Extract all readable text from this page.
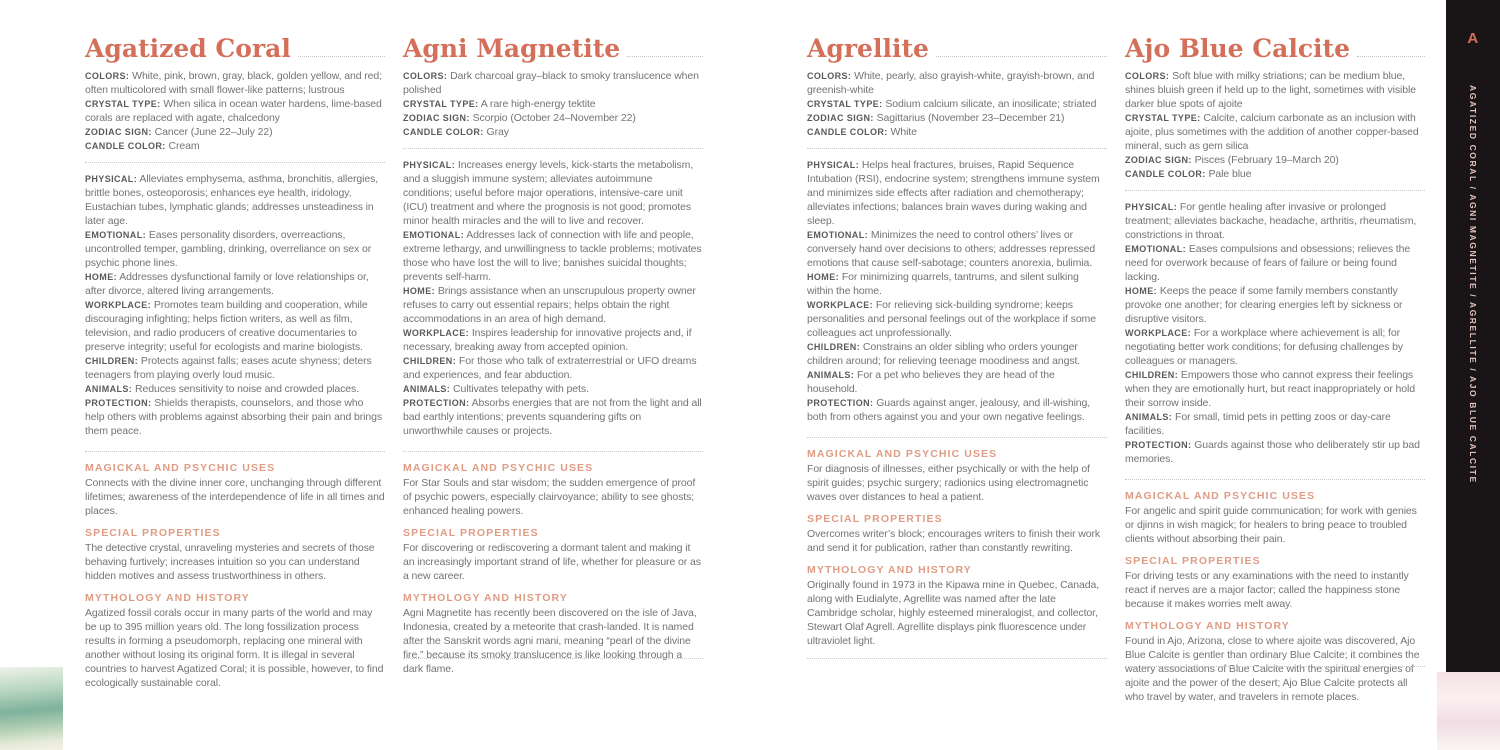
Agatized Coral

COLORS: White, pink, brown, gray, black, golden yellow, and red; often multicolored with small flower-like patterns; lustrous

CRYSTAL TYPE: When silica in ocean water hardens, lime-based corals are replaced with agate, chalcedony

ZODIAC SIGN: Cancer (June 22–July 22)

CANDLE COLOR: Cream

PHYSICAL: Alleviates emphysema, asthma, bronchitis, allergies, brittle bones, osteoporosis; enhances eye health, iridology, Eustachian tubes, lymphatic glands; addresses unsteadiness in later age.

EMOTIONAL: Eases personality disorders, overreactions, uncontrolled temper, gambling, drinking, overreliance on sex or psychic phone lines.

HOME: Addresses dysfunctional family or love relationships or, after divorce, altered living arrangements.

WORKPLACE: Promotes team building and cooperation, while discouraging infighting; helps fiction writers, as well as film, television, and radio producers of creative documentaries to preserve integrity; useful for ecologists and marine biologists.

CHILDREN: Protects against falls; eases acute shyness; deters teenagers from playing overly loud music.

ANIMALS: Reduces sensitivity to noise and crowded places.

PROTECTION: Shields therapists, counselors, and those who help others with problems against absorbing their pain and brings them peace.

MAGICKAL AND PSYCHIC USES

Connects with the divine inner core, unchanging through different lifetimes; awareness of the interdependence of life in all times and places.

SPECIAL PROPERTIES

The detective crystal, unraveling mysteries and secrets of those behaving furtively; increases intuition so you can understand hidden motives and assess trustworthiness in others.

MYTHOLOGY AND HISTORY

Agatized fossil corals occur in many parts of the world and may be up to 395 million years old. The long fossilization process results in forming a pseudomorph, replacing one mineral with another without losing its original form. It is illegal in several countries to harvest Agatized Coral; it is possible, however, to find ecologically sustainable coral.

Agni Magnetite

COLORS: Dark charcoal gray–black to smoky translucence when polished

CRYSTAL TYPE: A rare high-energy tektite

ZODIAC SIGN: Scorpio (October 24–November 22)

CANDLE COLOR: Gray

PHYSICAL: Increases energy levels, kick-starts the metabolism, and a sluggish immune system; alleviates autoimmune conditions; useful before major operations, intensive-care unit (ICU) treatment and where the prognosis is not good; promotes minor health miracles and the will to live and recover.

EMOTIONAL: Addresses lack of connection with life and people, extreme lethargy, and unwillingness to tackle problems; motivates those who have lost the will to live; banishes suicidal thoughts; prevents self-harm.

HOME: Brings assistance when an unscrupulous property owner refuses to carry out essential repairs; helps obtain the right accommodations in an area of high demand.

WORKPLACE: Inspires leadership for innovative projects and, if necessary, breaking away from accepted opinion.

CHILDREN: For those who talk of extraterrestrial or UFO dreams and experiences, and fear abduction.

ANIMALS: Cultivates telepathy with pets.

PROTECTION: Absorbs energies that are not from the light and all bad earthly intentions; prevents squandering gifts on unworthwhile causes or projects.

MAGICKAL AND PSYCHIC USES

For Star Souls and star wisdom; the sudden emergence of proof of psychic powers, especially clairvoyance; ability to see ghosts; enhanced healing powers.

SPECIAL PROPERTIES

For discovering or rediscovering a dormant talent and making it an increasingly important strand of life, whether for pleasure or as a new career.

MYTHOLOGY AND HISTORY

Agni Magnetite has recently been discovered on the isle of Java, Indonesia, created by a meteorite that crash-landed. It is named after the Sanskrit words agni mani, meaning “pearl of the divine fire,” because its smoky translucence is like looking through a dark flame.

Agrellite

COLORS: White, pearly, also grayish-white, grayish-brown, and greenish-white

CRYSTAL TYPE: Sodium calcium silicate, an inosilicate; striated

ZODIAC SIGN: Sagittarius (November 23–December 21)

CANDLE COLOR: White

PHYSICAL: Helps heal fractures, bruises, Rapid Sequence Intubation (RSI), endocrine system; strengthens immune system and minimizes side effects after radiation and chemotherapy; alleviates infections; balances brain waves during waking and sleep.

EMOTIONAL: Minimizes the need to control others’ lives or conversely hand over decisions to others; addresses repressed emotions that cause self-sabotage; counters anorexia, bulimia.

HOME: For minimizing quarrels, tantrums, and silent sulking within the home.

WORKPLACE: For relieving sick-building syndrome; keeps personalities and personal feelings out of the workplace if some colleagues act unprofessionally.

CHILDREN: Constrains an older sibling who orders younger children around; for relieving teenage moodiness and angst.

ANIMALS: For a pet who believes they are head of the household.

PROTECTION: Guards against anger, jealousy, and ill-wishing, both from others against you and your own negative feelings.

MAGICKAL AND PSYCHIC USES

For diagnosis of illnesses, either psychically or with the help of spirit guides; psychic surgery; radionics using electromagnetic waves over distances to heal a patient.

SPECIAL PROPERTIES

Overcomes writer’s block; encourages writers to finish their work and send it for publication, rather than constantly rewriting.

MYTHOLOGY AND HISTORY

Originally found in 1973 in the Kipawa mine in Quebec, Canada, along with Eudialyte, Agrellite was named after the late Cambridge scholar, highly esteemed mineralogist, and collector, Stewart Olaf Agrell. Agrellite displays pink fluorescence under ultraviolet light.

Ajo Blue Calcite

COLORS: Soft blue with milky striations; can be medium blue, shines bluish green if held up to the light, sometimes with visible darker blue spots of ajoite

CRYSTAL TYPE: Calcite, calcium carbonate as an inclusion with ajoite, plus sometimes with the addition of another copper-based mineral, such as gem silica

ZODIAC SIGN: Pisces (February 19–March 20)

CANDLE COLOR: Pale blue

PHYSICAL: For gentle healing after invasive or prolonged treatment; alleviates backache, headache, arthritis, rheumatism, constrictions in throat.

EMOTIONAL: Eases compulsions and obsessions; relieves the need for overwork because of fears of failure or being found lacking.

HOME: Keeps the peace if some family members constantly provoke one another; for clearing energies left by sickness or disruptive visitors.

WORKPLACE: For a workplace where achievement is all; for negotiating better work conditions; for defusing challenges by colleagues or managers.

CHILDREN: Empowers those who cannot express their feelings when they are emotionally hurt, but react inappropriately or hold their sorrow inside.

ANIMALS: For small, timid pets in petting zoos or day-care facilities.

PROTECTION: Guards against those who deliberately stir up bad memories.

MAGICKAL AND PSYCHIC USES

For angelic and spirit guide communication; for work with genies or djinns in wish magick; for healers to bring peace to troubled clients without absorbing their pain.

SPECIAL PROPERTIES

For driving tests or any examinations with the need to instantly react if nerves are a major factor; called the happiness stone because it makes worries melt away.

MYTHOLOGY AND HISTORY

Found in Ajo, Arizona, close to where ajoite was discovered, Ajo Blue Calcite is gentler than ordinary Blue Calcite; it combines the watery associations of Blue Calcite with the spiritual energies of ajoite and the power of the desert; Ajo Blue Calcite protects all who travel by water, and travelers in remote places.

A
AGATIZED CORAL / AGNI MAGNETITE / AGRELLITE / AJO BLUE CALCITE
